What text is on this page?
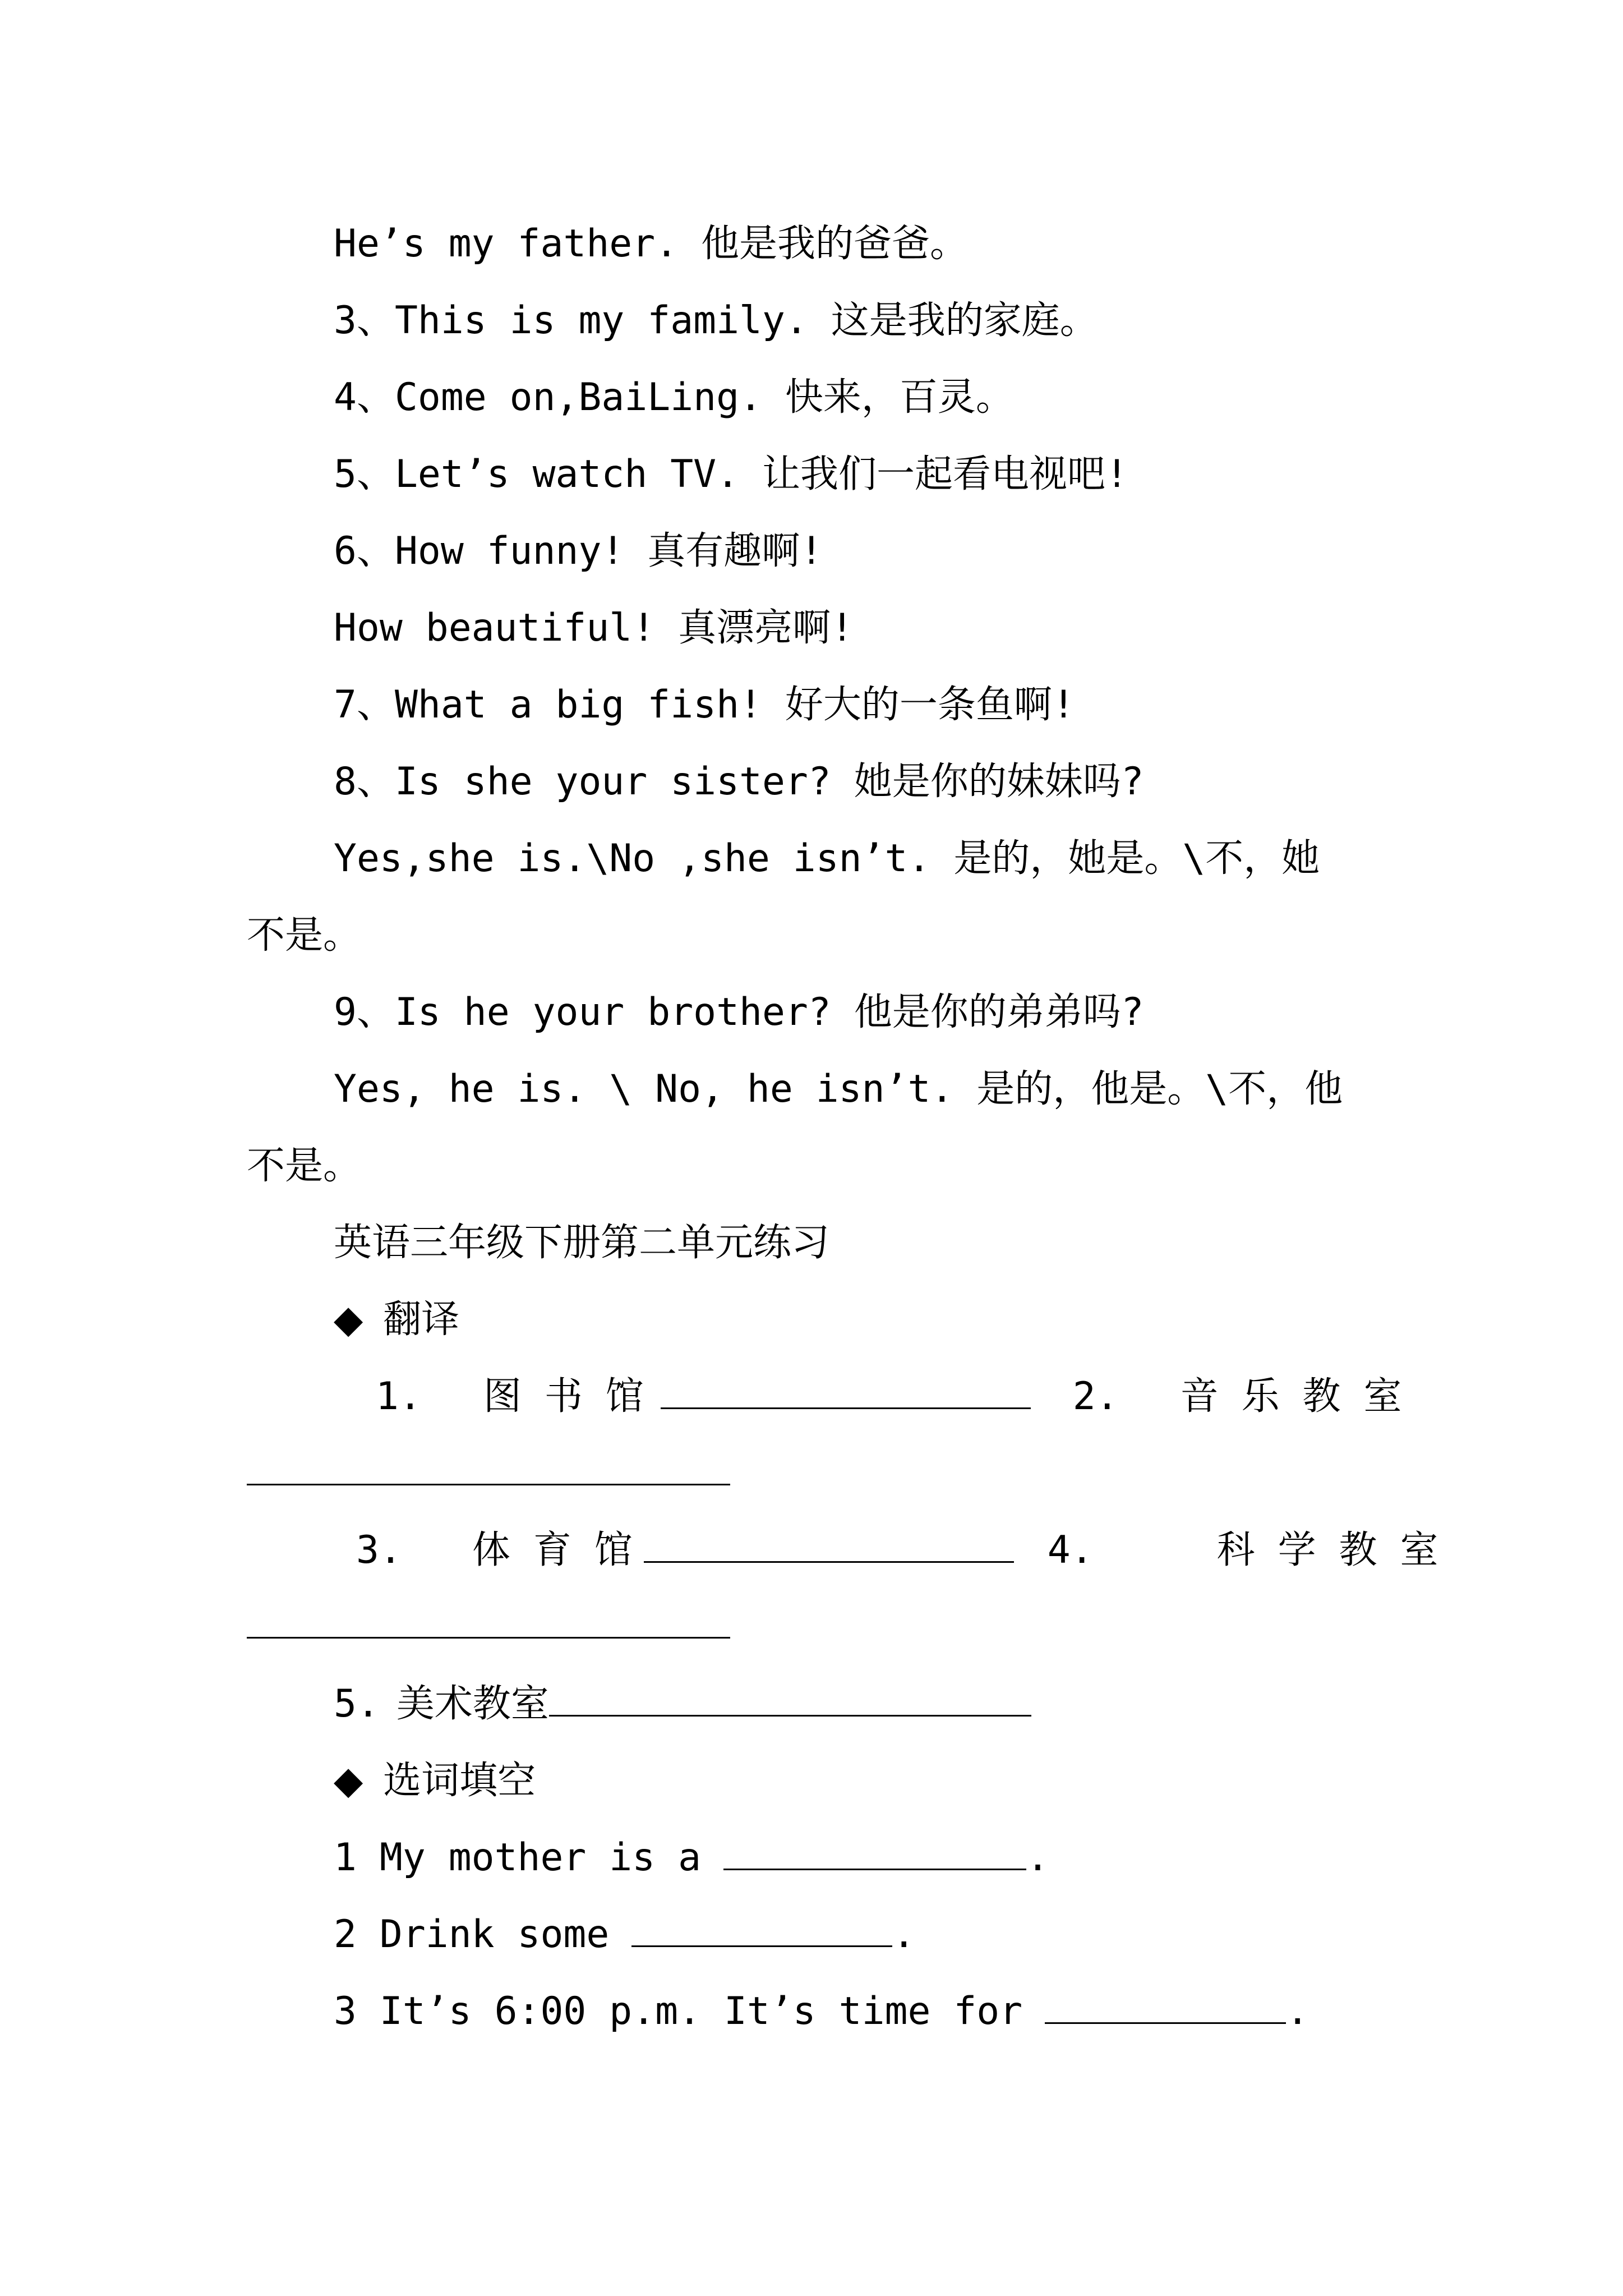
He’s my father. 他是我的爸爸。
3、This is my family. 这是我的家庭。
4、Come on,BaiLing. 快来，百灵。
5、Let’s watch TV. 让我们一起看电视吧!
6、How funny! 真有趣啊!
How beautiful! 真漂亮啊!
7、What a big fish! 好大的一条鱼啊!
8、Is she your sister? 她是你的妹妹吗?
Yes,she is.\No ,she isn’t. 是的，她是。\不，她
不是。
9、Is he your brother? 他是你的弟弟吗?
Yes, he is. \ No, he isn’t. 是的，他是。\不，他
不是。
英语三年级下册第二单元练习
◆ 翻译
1. 图 书 馆	2. 音 乐 教 室
3. 体 育 馆	4.	科 学 教 室
5. 美术教室
◆ 选词填空
1 My mother is a	.
2 Drink some	.
3 It’s 6:00 p.m. It’s time for	.
